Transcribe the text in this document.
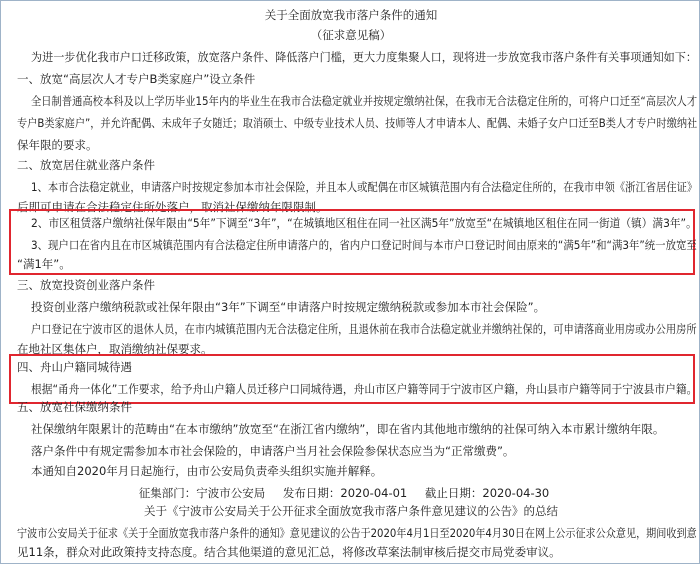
关于全面放宽我市落户条件的通知
（征求意见稿）
为进一步优化我市户口迁移政策，放宽落户条件、降低落户门槛，更大力度集聚人口，现将进一步放宽我市落户条件有关事项通知如下：
一、放宽“高层次人才专户B类家庭户”设立条件
全日制普通高校本科及以上学历毕业15年内的毕业生在我市合法稳定就业并按规定缴纳社保，在我市无合法稳定住所的，可将户口迁至“高层次人才
专户B类家庭户”，并允许配偶、未成年子女随迁；取消硕士、中级专业技术人员、技师等人才申请本人、配偶、未婚子女户口迁至B类人才专户时缴纳社
保年限的要求。
二、放宽居住就业落户条件
1、本市合法稳定就业，申请落户时按规定参加本市社会保险，并且本人或配偶在市区城镇范围内有合法稳定住所的，在我市申领《浙江省居住证》
后即可申请在合法稳定住所处落户，取消社保缴纳年限限制。
2、市区租赁落户缴纳社保年限由“5年”下调至“3年”，“在城镇地区租住在同一社区满5年”放宽至“在城镇地区租住在同一街道（镇）满3年”。
3、现户口在省内且在市区城镇范围内有合法稳定住所申请落户的，省内户口登记时间与本市户口登记时间由原来的“满5年”和“满3年”统一放宽至
“满1年”。
三、放宽投资创业落户条件
投资创业落户缴纳税款或社保年限由“3年”下调至“申请落户时按规定缴纳税款或参加本市社会保险”。
户口登记在宁波市区的退休人员，在市内城镇范围内无合法稳定住所，且退休前在我市合法稳定就业并缴纳社保的，可申请落商业用房或办公用房所
在地社区集体户，取消缴纳社保要求。
四、舟山户籍同城待遇
根据“甬舟一体化”工作要求，给予舟山户籍人员迁移户口同城待遇，舟山市区户籍等同于宁波市区户籍，舟山县市户籍等同于宁波县市户籍。
五、放宽社保缴纳条件
社保缴纳年限累计的范畴由“在本市缴纳”放宽至“在浙江省内缴纳”，即在省内其他地市缴纳的社保可纳入本市累计缴纳年限。
落户条件中有规定需参加本市社会保险的，申请落户当月社会保险参保状态应当为“正常缴费”。
本通知自2020年月日起施行，由市公安局负责牵头组织实施并解释。
征集部门：宁波市公安局 发布日期：2020-04-01 截止日期：2020-04-30
关于《宁波市公安局关于公开征求全面放宽我市落户条件意见建议的公告》的总结
宁波市公安局关于征求《关于全面放宽我市落户条件的通知》意见建议的公告于2020年4月1日至2020年4月30日在网上公示征求公众意见，期间收到意
见11条，群众对此政策持支持态度。结合其他渠道的意见汇总，将修改草案法制审核后提交市局党委审议。
